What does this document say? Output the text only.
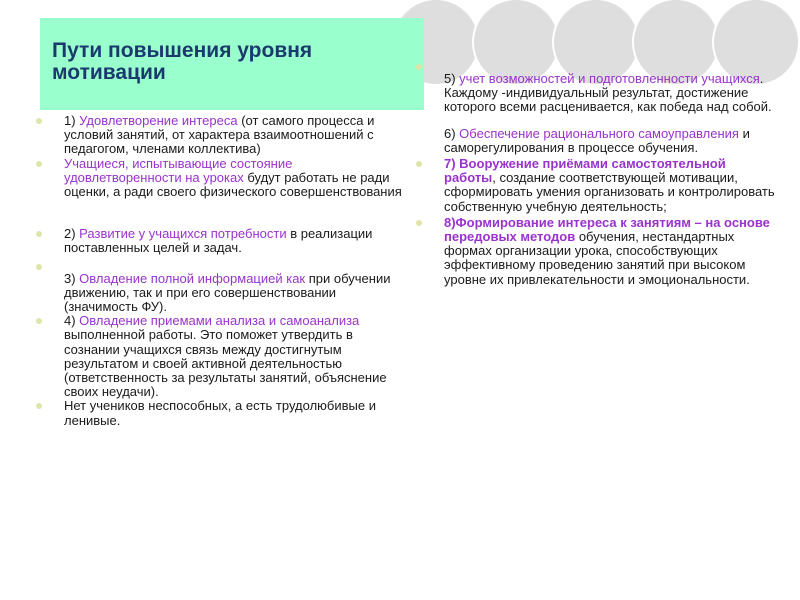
Пути повышения уровня мотивации
1) Удовлетворение интереса (от самого процесса и условий занятий, от характера взаимоотношений с педагогом, членами коллектива)
Учащиеся, испытывающие состояние удовлетворенности на уроках будут работать не ради оценки, а ради своего физического совершенствования
2) Развитие у учащихся потребности в реализации поставленных целей и задач.
3) Овладение полной информацией как при обучении движению, так и при его совершенствовании (значимость ФУ).
4) Овладение приемами анализа и самоанализа выполненной работы. Это поможет утвердить в сознании учащихся связь между достигнутым результатом и своей активной деятельностью (ответственность за результаты занятий, объяснение своих неудачи).
Нет учеников неспособных, а есть трудолюбивые и ленивые.
5) учет возможностей и подготовленности учащихся. Каждому -индивидуальный результат, достижение которого всеми расценивается, как победа над собой.
6) Обеспечение рационального самоуправления и саморегулирования в процессе обучения.
7) Вооружение приёмами самостоятельной работы, создание соответствующей мотивации, сформировать умения организовать и контролировать собственную учебную деятельность;
8)Формирование интереса к занятиям – на основе передовых методов обучения, нестандартных формах организации урока, способствующих эффективному проведению занятий при высоком уровне их привлекательности и эмоциональности.
